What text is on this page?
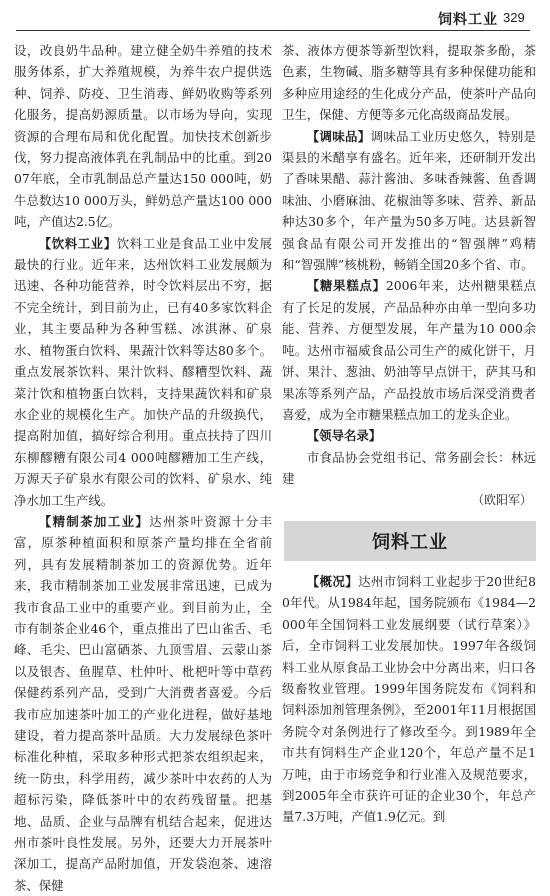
饲料工业 329

设，改良奶牛品种。建立健全奶牛养殖的技术服务体系，扩大养殖规模，为养牛农户提供选种、饲养、防疫、卫生消毒、鲜奶收购等系列化服务，提高奶源质量。以市场为导向，实现资源的合理布局和优化配置。加快技术创新步伐，努力提高液体乳在乳制品中的比重。到2007年底，全市乳制品总产量达150 000吨，奶牛总数达10 000万头，鲜奶总产量达100 000吨，产值达2.5亿。

【饮料工业】饮料工业是食品工业中发展最快的行业。近年来，达州饮料工业发展颇为迅速、各种功能营养，时令饮料层出不穷，据不完全统计，到目前为止，已有40多家饮料企业，其主要品种为各种雪糕、冰淇淋、矿泉水、植物蛋白饮料、果蔬汁饮料等达80多个。重点发展茶饮料、果汁饮料、醪糟型饮料、蔬菜汁饮和植物蛋白饮料，支持果蔬饮料和矿泉水企业的规模化生产。加快产品的升级换代，提高附加值，搞好综合利用。重点扶持了四川东柳醪糟有限公司4 000吨醪糟加工生产线，万源天子矿泉水有限公司的饮料、矿泉水、纯净水加工生产线。

【精制茶加工业】达州茶叶资源十分丰富，原茶种植面积和原茶产量均排在全省前列，具有发展精制茶加工的资源优势。近年来，我市精制茶加工业发展非常迅速，已成为我市食品工业中的重要产业。到目前为止，全市有制茶企业46个，重点推出了巴山雀舌、毛峰、毛尖、巴山富硒茶、九顶雪眉、云蒙山茶以及银杏、鱼腥草、杜仲叶、枇杷叶等中草药保健药系列产品，受到广大消费者喜爱。今后我市应加速茶叶加工的产业化进程，做好基地建设，着力提高茶叶品质。大力发展绿色茶叶标准化种植，采取多种形式把茶农组织起来，统一防虫，科学用药，减少茶叶中农药的人为超标污染，降低茶叶中的农药残留量。把基地、品质、企业与品牌有机结合起来，促进达州市茶叶良性发展。另外，还要大力开展茶叶深加工，提高产品附加值，开发袋泡茶、速溶茶、保健

茶、液体方便茶等新型饮料，提取茶多酚，茶色素，生物碱、脂多糖等具有多种保健功能和多种应用途经的生化成分产品，使茶叶产品向卫生，保健、方便等多元化高级商品发展。

【调味品】调味品工业历史悠久，特别是渠县的米醋享有盛名。近年来，还研制开发出了香味果醋、蒜汁酱油、多味香辣酱、鱼香调味油、小磨麻油、花椒油等多味、营养、新品种达30多个，年产量为50多万吨。达县新智强食品有限公司开发推出的“智强牌”鸡精和“智强牌”核桃粉，畅销全国20多个省、市。

【糖果糕点】2006年来，达州糖果糕点有了长足的发展，产品品种亦由单一型向多功能、营养、方便型发展，年产量为10 000余吨。达州市福威食品公司生产的威化饼干，月饼、果汁、葱油、奶油等早点饼干，萨其马和果冻等系列产品，产品投放市场后深受消费者喜爱，成为全市糖果糕点加工的龙头企业。

【领导名录】

市食品协会党组书记、常务副会长：林远建

（欧阳军）

饲料工业

【概况】达州市饲料工业起步于20世纪80年代。从1984年起，国务院颁布《1984—2000年全国饲料工业发展纲要（试行草案）》后，全市饲料工业发展加快。1997年各级饲料工业从原食品工业协会中分离出来，归口各级畜牧业管理。1999年国务院发布《饲料和饲料添加剂管理条例》，至2001年11月根据国务院令对条例进行了修改至今。到1989年全市共有饲料生产企业120个，年总产量不足1万吨，由于市场竞争和行业准入及规范要求，到2005年全市获许可证的企业30个，年总产量7.3万吨，产值1.9亿元。到
